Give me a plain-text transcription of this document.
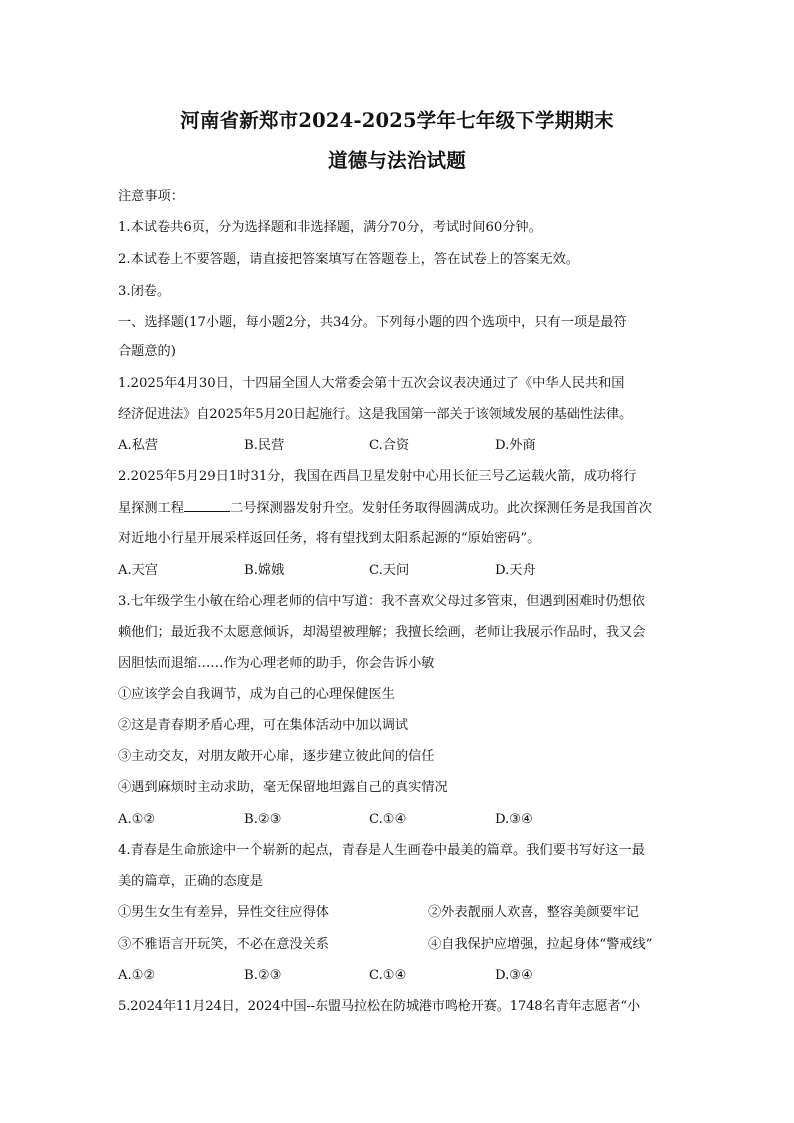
河南省新郑市2024-2025学年七年级下学期期末
道德与法治试题
注意事项：
1.本试卷共6页，分为选择题和非选择题，满分70分，考试时间60分钟。
2.本试卷上不要答题，请直接把答案填写在答题卷上，答在试卷上的答案无效。
3.闭卷。
一、选择题(17小题，每小题2分，共34分。下列每小题的四个选项中，只有一项是最符
合题意的)
1.2025年4月30日，十四届全国人大常委会第十五次会议表决通过了《中华人民共和国
经济促进法》自2025年5月20日起施行。这是我国第一部关于该领域发展的基础性法律。
A.私营	B.民营	C.合资	D.外商
2.2025年5月29日1时31分，我国在西昌卫星发射中心用长征三号乙运载火箭，成功将行
星探测工程	二号探测器发射升空。发射任务取得圆满成功。此次探测任务是我国首次
对近地小行星开展采样返回任务，将有望找到太阳系起源的“原始密码”。
A.天宫	B.嫦娥	C.天问	D.天舟
3.七年级学生小敏在给心理老师的信中写道：我不喜欢父母过多管束，但遇到困难时仍想依
赖他们；最近我不太愿意倾诉，却渴望被理解；我擅长绘画，老师让我展示作品时，我又会
因胆怯而退缩……作为心理老师的助手，你会告诉小敏
①应该学会自我调节，成为自己的心理保健医生
②这是青春期矛盾心理，可在集体活动中加以调试
③主动交友，对朋友敞开心扉，逐步建立彼此间的信任
④遇到麻烦时主动求助，毫无保留地坦露自己的真实情况
A.①②	B.②③	C.①④	D.③④
4.青春是生命旅途中一个崭新的起点，青春是人生画卷中最美的篇章。我们要书写好这一最
美的篇章，正确的态度是
①男生女生有差异，异性交往应得体	②外表靓丽人欢喜，整容美颜要牢记
③不雅语言开玩笑，不必在意没关系	④自我保护应增强，拉起身体“警戒线”
A.①②	B.②③	C.①④	D.③④
5.2024年11月24日，2024中国--东盟马拉松在防城港市鸣枪开赛。1748名青年志愿者“小
